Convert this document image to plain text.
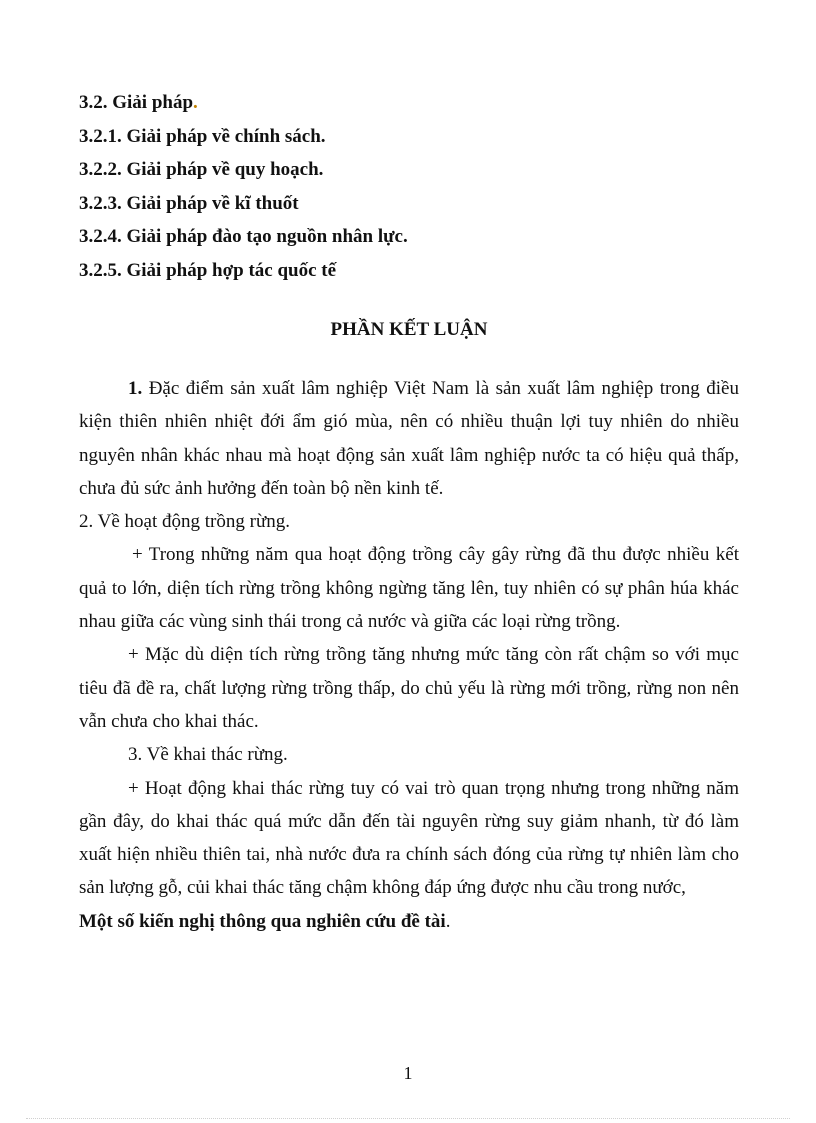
3.2. Giải pháp.

3.2.1. Giải pháp về chính sách.

3.2.2. Giải pháp về quy hoạch.

3.2.3. Giải pháp về kĩ thuốt

3.2.4. Giải pháp đào tạo nguồn nhân lực.

3.2.5. Giải pháp hợp tác quốc tế

PHẦN KẾT LUẬN

1. Đặc điểm sản xuất lâm nghiệp Việt Nam là sản xuất lâm nghiệp trong điều kiện thiên nhiên nhiệt đới ẩm gió mùa, nên có nhiều thuận lợi tuy nhiên do nhiều nguyên nhân khác nhau mà hoạt động sản xuất lâm nghiệp nước ta có hiệu quả thấp, chưa đủ sức ảnh hưởng đến toàn bộ nền kinh tế.

2. Về hoạt động trồng rừng.

+ Trong những năm qua hoạt động trồng cây gây rừng đã thu được nhiều kết quả to lớn, diện tích rừng trồng không ngừng tăng lên, tuy nhiên có sự phân húa khác nhau giữa các vùng sinh thái trong cả nước và giữa các loại rừng trồng.

+ Mặc dù diện tích rừng trồng tăng nhưng mức tăng còn rất chậm so với mục tiêu đã đề ra, chất lượng rừng trồng thấp, do chủ yếu là rừng mới trồng, rừng non nên vẫn chưa cho khai thác.

3. Về khai thác rừng.

+ Hoạt động khai thác rừng tuy có vai trò quan trọng nhưng trong những năm gần đây, do khai thác quá mức dẫn đến tài nguyên rừng suy giảm nhanh, từ đó làm xuất hiện nhiều thiên tai, nhà nước đưa ra chính sách đóng của rừng tự nhiên làm cho sản lượng gỗ, củi khai thác tăng chậm không đáp ứng được nhu cầu trong nước,

Một số kiến nghị thông qua nghiên cứu đề tài.

1
